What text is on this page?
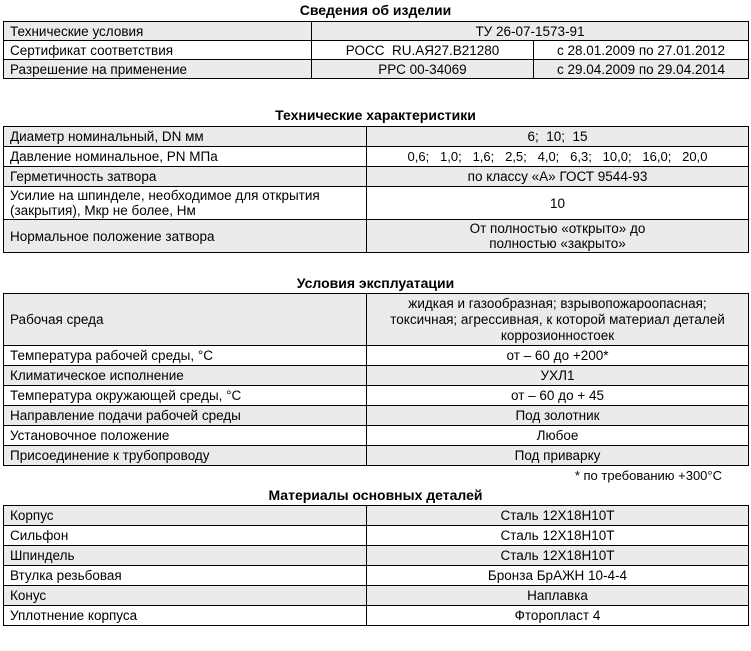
Сведения об изделии
Технические условия	ТУ 26-07-1573-91	
Сертификат соответствия	РОСС  RU.АЯ27.В21280	с 28.01.2009 по 27.01.2012
Разрешение на применение	РРС 00-34069	с 29.04.2009 по 29.04.2014
Технические характеристики
Диаметр номинальный, DN мм	6;  10;  15
Давление номинальное, PN МПа	0,6;   1,0;   1,6;   2,5;   4,0;   6,3;   10,0;   16,0;   20,0
Герметичность затвора	по классу «А» ГОСТ 9544-93
Усилие на шпинделе, необходимое для открытия (закрытия), Мкр не более, Нм	10
Нормальное положение затвора	От полностью «открыто» до полностью «закрыто»
Условия эксплуатации
Рабочая среда	жидкая и газообразная; взрывопожароопасная; токсичная; агрессивная, к которой материал деталей коррозионностоек

Температура рабочей среды, °С	от – 60 до +200*
Климатическое исполнение	УХЛ1
Температура окружающей среды, °С	от – 60 до + 45
Направление подачи рабочей среды	Под золотник
Установочное положение	Любое
Присоединение к трубопроводу	Под приварку
* по требованию +300°С
Материалы основных деталей
Корпус	Сталь 12Х18Н10Т
Сильфон	Сталь 12Х18Н10Т
Шпиндель	Сталь 12Х18Н10Т
Втулка резьбовая	Бронза БрАЖН 10-4-4
Конус	Наплавка
Уплотнение корпуса	Фторопласт 4
